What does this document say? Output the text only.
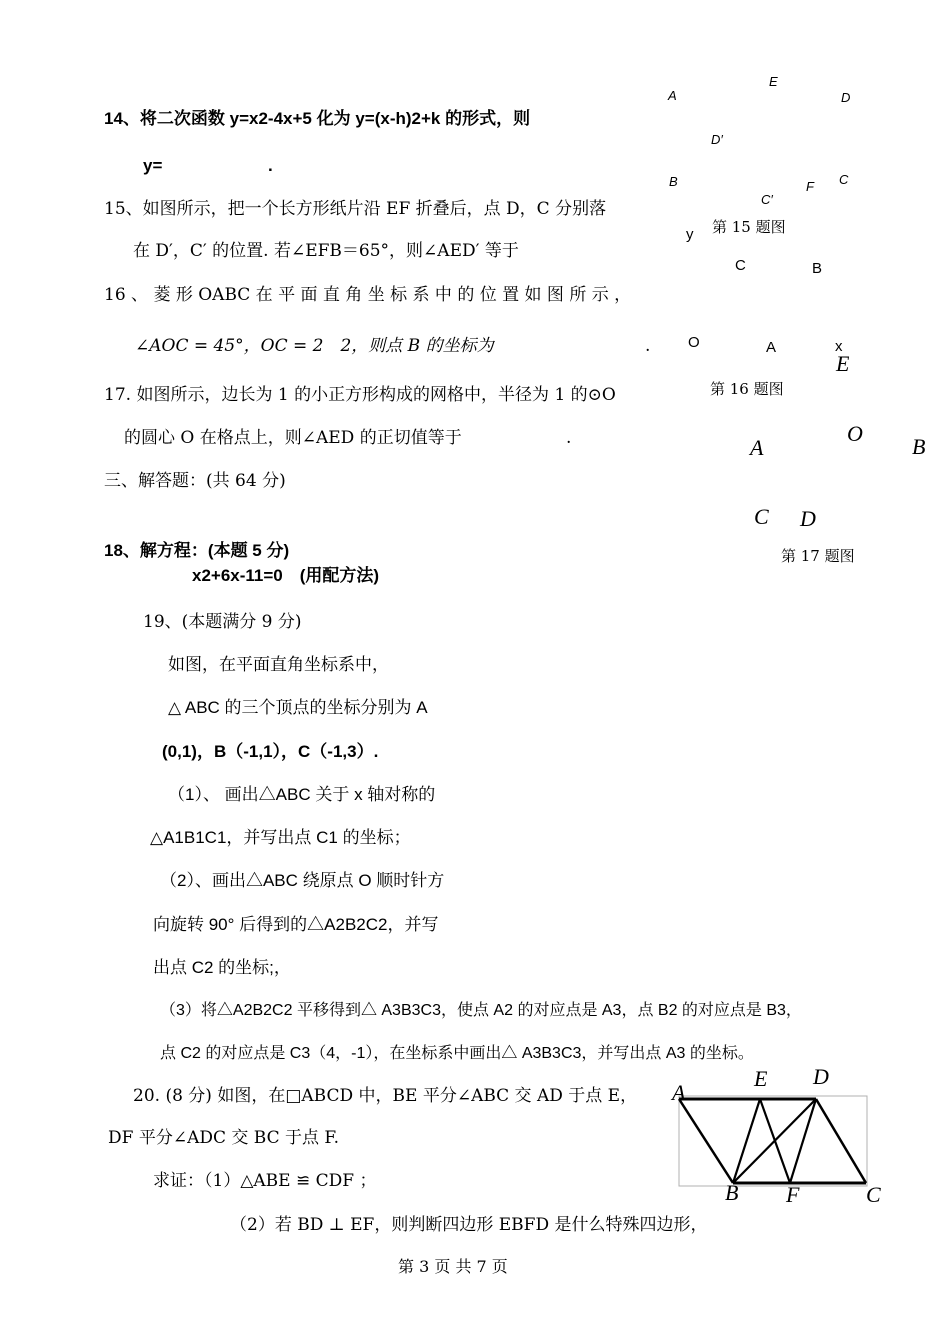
14、将二次函数 y=x2-4x+5 化为 y=(x-h)2+k 的形式，则
y=	.
15、如图所示，把一个长方形纸片沿 EF 折叠后，点 D，C 分别落
在 D′，C′ 的位置. 若∠EFB＝65°，则∠AED′ 等于
16 、 菱 形 OABC 在 平 面 直 角 坐 标 系 中 的 位 置 如 图 所 示 ，
∠AOC = 45°，OC = 2　2，则点 B 的坐标为	.
17. 如图所示，边长为 1 的小正方形构成的网格中，半径为 1 的⊙O
的圆心 O 在格点上，则∠AED 的正切值等于	.
三、解答题：(共 64 分)
18、解方程：(本题 5 分)
x2+6x-11=0　(用配方法)
19、(本题满分 9 分)
如图，在平面直角坐标系中，
△ ABC 的三个顶点的坐标分别为 A
(0,1)，B（-1,1），C（-1,3）.
（1）、 画出△ABC 关于 x 轴对称的
△A1B1C1，并写出点 C1 的坐标；
（2）、画出△ABC 绕原点 O 顺时针方
向旋转 90° 后得到的△A2B2C2，并写
出点 C2 的坐标;，
（3）将△A2B2C2 平移得到△ A3B3C3，使点 A2 的对应点是 A3，点 B2 的对应点是 B3，
点 C2 的对应点是 C3（4，-1），在坐标系中画出△ A3B3C3，并写出点 A3 的坐标。
20. (8 分) 如图，在□ABCD 中，BE 平分∠ABC 交 AD 于点 E，
DF 平分∠ADC 交 BC 于点 F.
求证：（1）△ABE ≌ CDF ；
（2）若 BD ⊥ EF，则判断四边形 EBFD 是什么特殊四边形，
A
E
D
D′
B
C′
F C
第 15 题图
y
C	B
O	A	x
第 16 题图
E
O
A	B
C D
第 17 题图
A
E D
B F	C
第 3 页 共 7 页
